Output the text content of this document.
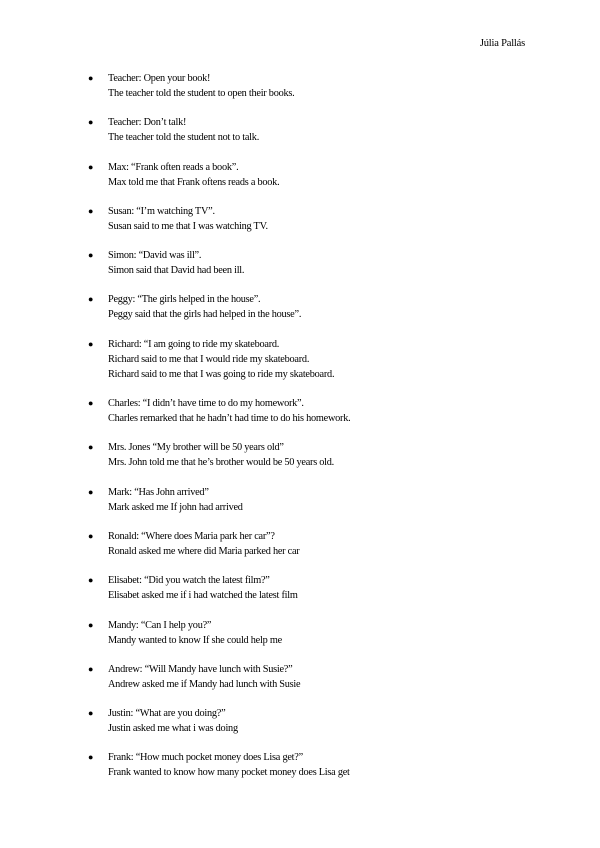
Júlia Pallás
● Teacher: Open your book!
The teacher told the student to open their books.
● Teacher: Don’t talk!
The teacher told the student not to talk.
● Max: “Frank often reads a book”.
Max told me that Frank oftens reads a book.
● Susan: “I’m watching TV”.
Susan said to me that I was watching TV.
● Simon: “David was ill”.
Simon said that David had been ill.
● Peggy: “The girls helped in the house”.
Peggy said that the girls had helped in the house”.
● Richard: “I am going to ride my skateboard.
Richard said to me that I would ride my skateboard.
Richard said to me that I was going to ride my skateboard.
● Charles: “I didn’t have time to do my homework”.
Charles remarked that he hadn’t had time to do his homework.
● Mrs. Jones “My brother will be 50 years old”
Mrs. John told me that he’s brother would be 50 years old.
● Mark: “Has John arrived”
Mark asked me If john had arrived
● Ronald: “Where does Maria park her car”?
Ronald asked me where did Maria parked her car
● Elisabet: “Did you watch the latest film?”
Elisabet asked me if i had watched the latest film
● Mandy: “Can I help you?”
Mandy wanted to know If she could help me
● Andrew: “Will Mandy have lunch with Susie?”
Andrew asked me if Mandy had lunch with Susie
● Justin: “What are you doing?”
Justin asked me what i was doing
● Frank: “How much pocket money does Lisa get?”
Frank wanted to know how many pocket money does Lisa get
